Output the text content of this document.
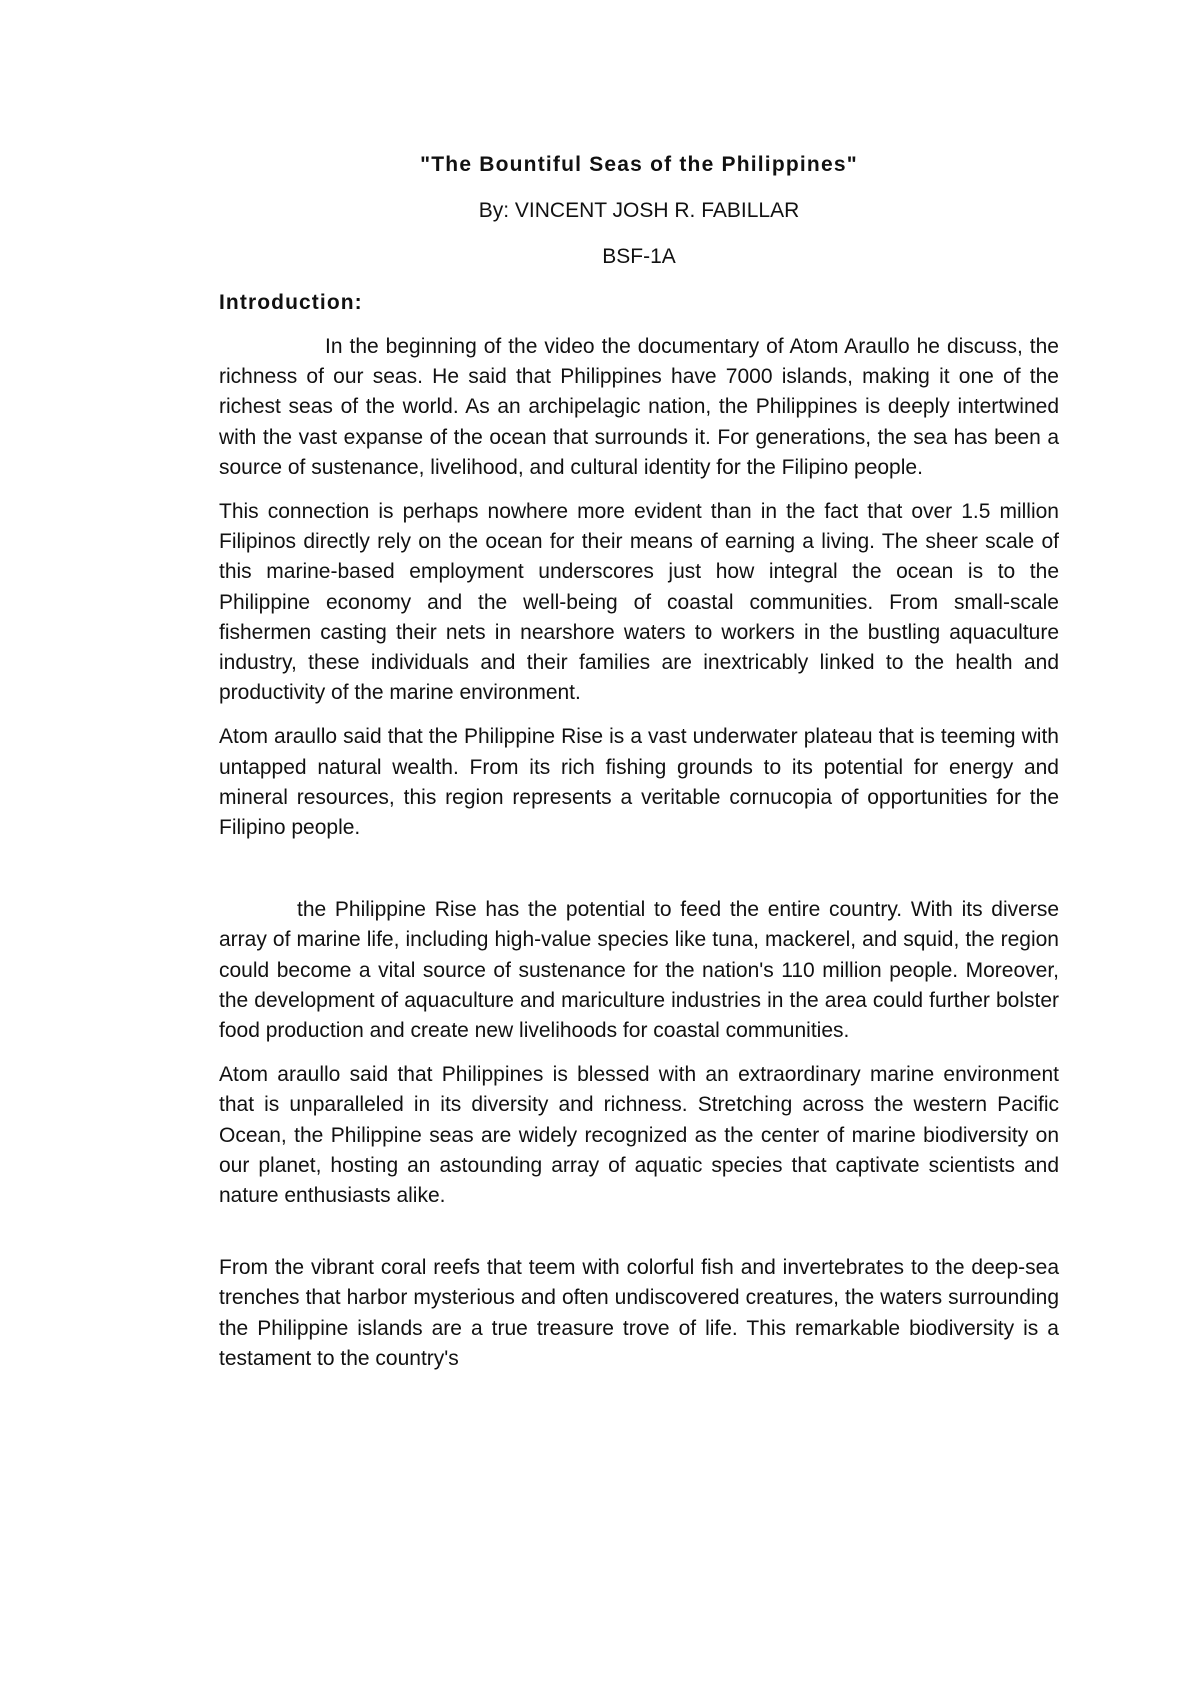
"The Bountiful Seas of the Philippines"

By: VINCENT JOSH R. FABILLAR

BSF-1A

Introduction:

In the beginning of the video the documentary of Atom Araullo he discuss, the richness of our seas. He said that Philippines have 7000 islands, making it one of the richest seas of the world. As an archipelagic nation, the Philippines is deeply intertwined with the vast expanse of the ocean that surrounds it. For generations, the sea has been a source of sustenance, livelihood, and cultural identity for the Filipino people.

This connection is perhaps nowhere more evident than in the fact that over 1.5 million Filipinos directly rely on the ocean for their means of earning a living. The sheer scale of this marine-based employment underscores just how integral the ocean is to the Philippine economy and the well-being of coastal communities. From small-scale fishermen casting their nets in nearshore waters to workers in the bustling aquaculture industry, these individuals and their families are inextricably linked to the health and productivity of the marine environment.

Atom araullo said that the Philippine Rise is a vast underwater plateau that is teeming with untapped natural wealth. From its rich fishing grounds to its potential for energy and mineral resources, this region represents a veritable cornucopia of opportunities for the Filipino people.

the Philippine Rise has the potential to feed the entire country. With its diverse array of marine life, including high-value species like tuna, mackerel, and squid, the region could become a vital source of sustenance for the nation's 110 million people. Moreover, the development of aquaculture and mariculture industries in the area could further bolster food production and create new livelihoods for coastal communities.

Atom araullo said that Philippines is blessed with an extraordinary marine environment that is unparalleled in its diversity and richness. Stretching across the western Pacific Ocean, the Philippine seas are widely recognized as the center of marine biodiversity on our planet, hosting an astounding array of aquatic species that captivate scientists and nature enthusiasts alike.

From the vibrant coral reefs that teem with colorful fish and invertebrates to the deep-sea trenches that harbor mysterious and often undiscovered creatures, the waters surrounding the Philippine islands are a true treasure trove of life. This remarkable biodiversity is a testament to the country's
